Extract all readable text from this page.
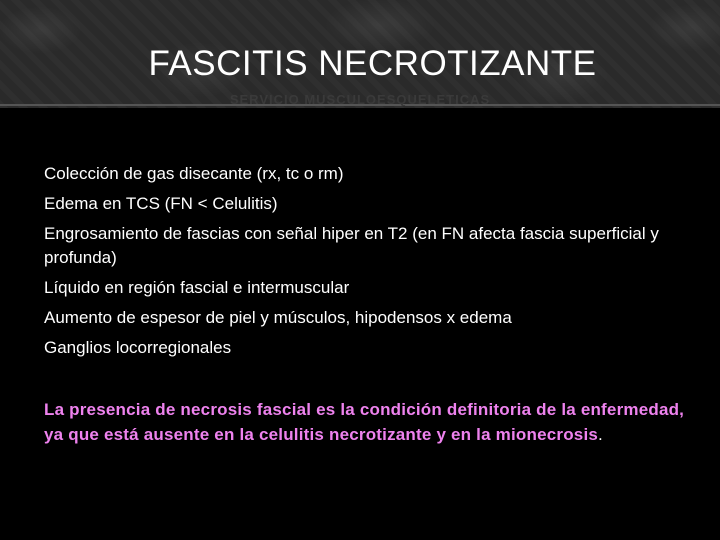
FASCITIS NECROTIZANTE
SERVICIO MUSCULOESQUELETICAS
Colección de gas disecante (rx, tc o rm)
Edema en TCS (FN < Celulitis)
Engrosamiento de fascias con señal hiper en T2 (en FN afecta fascia superficial y profunda)
Líquido en región fascial e intermuscular
Aumento de espesor de piel y músculos, hipodensos x edema
Ganglios locorregionales
La presencia de necrosis fascial es la condición definitoria de la enfermedad, ya que está ausente en la celulitis necrotizante y en la mionecrosis.
